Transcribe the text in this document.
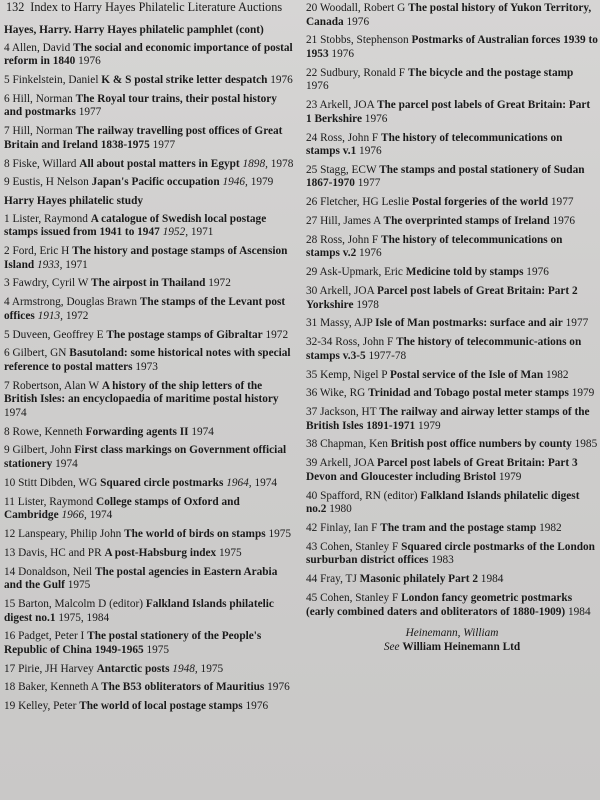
132 Index to Harry Hayes Philatelic Literature Auctions
Hayes, Harry. Harry Hayes philatelic pamphlet (cont)
4 Allen, David The social and economic importance of postal reform in 1840 1976
5 Finkelstein, Daniel K & S postal strike letter despatch 1976
6 Hill, Norman The Royal tour trains, their postal history and postmarks 1977
7 Hill, Norman The railway travelling post offices of Great Britain and Ireland 1838-1975 1977
8 Fiske, Willard All about postal matters in Egypt 1898, 1978
9 Eustis, H Nelson Japan's Pacific occupation 1946, 1979
Harry Hayes philatelic study
1 Lister, Raymond A catalogue of Swedish local postage stamps issued from 1941 to 1947 1952, 1971
2 Ford, Eric H The history and postage stamps of Ascension Island 1933, 1971
3 Fawdry, Cyril W The airpost in Thailand 1972
4 Armstrong, Douglas Brawn The stamps of the Levant post offices 1913, 1972
5 Duveen, Geoffrey E The postage stamps of Gibraltar 1972
6 Gilbert, GN Basutoland: some historical notes with special reference to postal matters 1973
7 Robertson, Alan W A history of the ship letters of the British Isles: an encyclopaedia of maritime postal history 1974
8 Rowe, Kenneth Forwarding agents II 1974
9 Gilbert, John First class markings on Government official stationery 1974
10 Stitt Dibden, WG Squared circle postmarks 1964, 1974
11 Lister, Raymond College stamps of Oxford and Cambridge 1966, 1974
12 Lanspeary, Philip John The world of birds on stamps 1975
13 Davis, HC and PR A post-Habsburg index 1975
14 Donaldson, Neil The postal agencies in Eastern Arabia and the Gulf 1975
15 Barton, Malcolm D (editor) Falkland Islands philatelic digest no.1 1975, 1984
16 Padget, Peter I The postal stationery of the People's Republic of China 1949-1965 1975
17 Pirie, JH Harvey Antarctic posts 1948, 1975
18 Baker, Kenneth A The B53 obliterators of Mauritius 1976
19 Kelley, Peter The world of local postage stamps 1976
20 Woodall, Robert G The postal history of Yukon Territory, Canada 1976
21 Stobbs, Stephenson Postmarks of Australian forces 1939 to 1953 1976
22 Sudbury, Ronald F The bicycle and the postage stamp 1976
23 Arkell, JOA The parcel post labels of Great Britain: Part 1 Berkshire 1976
24 Ross, John F The history of telecommunications on stamps v.1 1976
25 Stagg, ECW The stamps and postal stationery of Sudan 1867-1970 1977
26 Fletcher, HG Leslie Postal forgeries of the world 1977
27 Hill, James A The overprinted stamps of Ireland 1976
28 Ross, John F The history of telecommunications on stamps v.2 1976
29 Ask-Upmark, Eric Medicine told by stamps 1976
30 Arkell, JOA Parcel post labels of Great Britain: Part 2 Yorkshire 1978
31 Massy, AJP Isle of Man postmarks: surface and air 1977
32-34 Ross, John F The history of telecommunic-ations on stamps v.3-5 1977-78
35 Kemp, Nigel P Postal service of the Isle of Man 1982
36 Wike, RG Trinidad and Tobago postal meter stamps 1979
37 Jackson, HT The railway and airway letter stamps of the British Isles 1891-1971 1979
38 Chapman, Ken British post office numbers by county 1985
39 Arkell, JOA Parcel post labels of Great Britain: Part 3 Devon and Gloucester including Bristol 1979
40 Spafford, RN (editor) Falkland Islands philatelic digest no.2 1980
42 Finlay, Ian F The tram and the postage stamp 1982
43 Cohen, Stanley F Squared circle postmarks of the London surburban district offices 1983
44 Fray, TJ Masonic philately Part 2 1984
45 Cohen, Stanley F London fancy geometric postmarks (early combined daters and obliterators of 1880-1909) 1984
Heinemann, William
See William Heinemann Ltd
